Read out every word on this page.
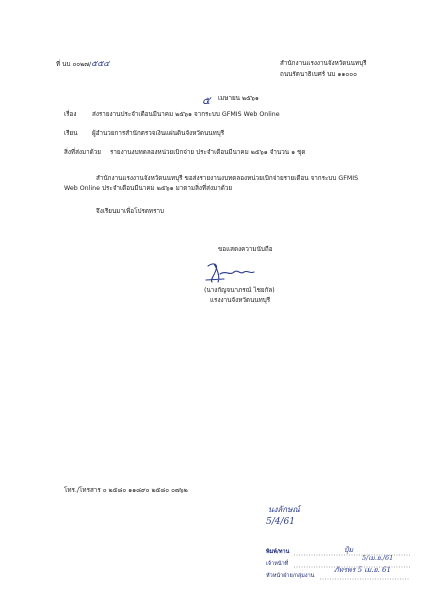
ที่ นบ ๐๐๒๗/๕๕๔	สำนักงานแรงงานจังหวัดนนทบุรี
ถนนรัตนาธิเบศร์ นบ ๑๑๐๐๐
๕ เมษายน ๒๕๖๑
เรื่อง ส่งรายงานประจำเดือนมีนาคม ๒๕๖๑ จากระบบ GFMIS Web Online
เรียน ผู้อำนวยการสำนักตรวจเงินแผ่นดินจังหวัดนนทบุรี
สิ่งที่ส่งมาด้วย รายงานงบทดลองหน่วยเบิกจ่าย ประจำเดือนมีนาคม ๒๕๖๑ จำนวน ๑ ชุด
สำนักงานแรงงานจังหวัดนนทบุรี ขอส่งรายงานงบทดลองหน่วยเบิกจ่ายรายเดือน จากระบบ GFMIS
Web Online ประจำเดือนมีนาคม ๒๕๖๑ มาตามสิ่งที่ส่งมาด้วย
จึงเรียนมาเพื่อโปรดทราบ
ขอแสดงความนับถือ
(นางกัญจนาภรณ์ ไชยกัล)
แรงงานจังหวัดนนทบุรี
โทร./โทรสาร ๐ ๒๕๘๐ ๑๑๘๙๐ ๒๕๘๐ ๐๗๖๒
นงลักษณ์
5/4/61
พิมพ์/ทาน
เจ้าหน้าที่
หัวหน้าฝ่าย/กลุ่มงาน
ปุ้ม
5/เม.ย./61
ภัทรพร 5 เม.ย. 61
